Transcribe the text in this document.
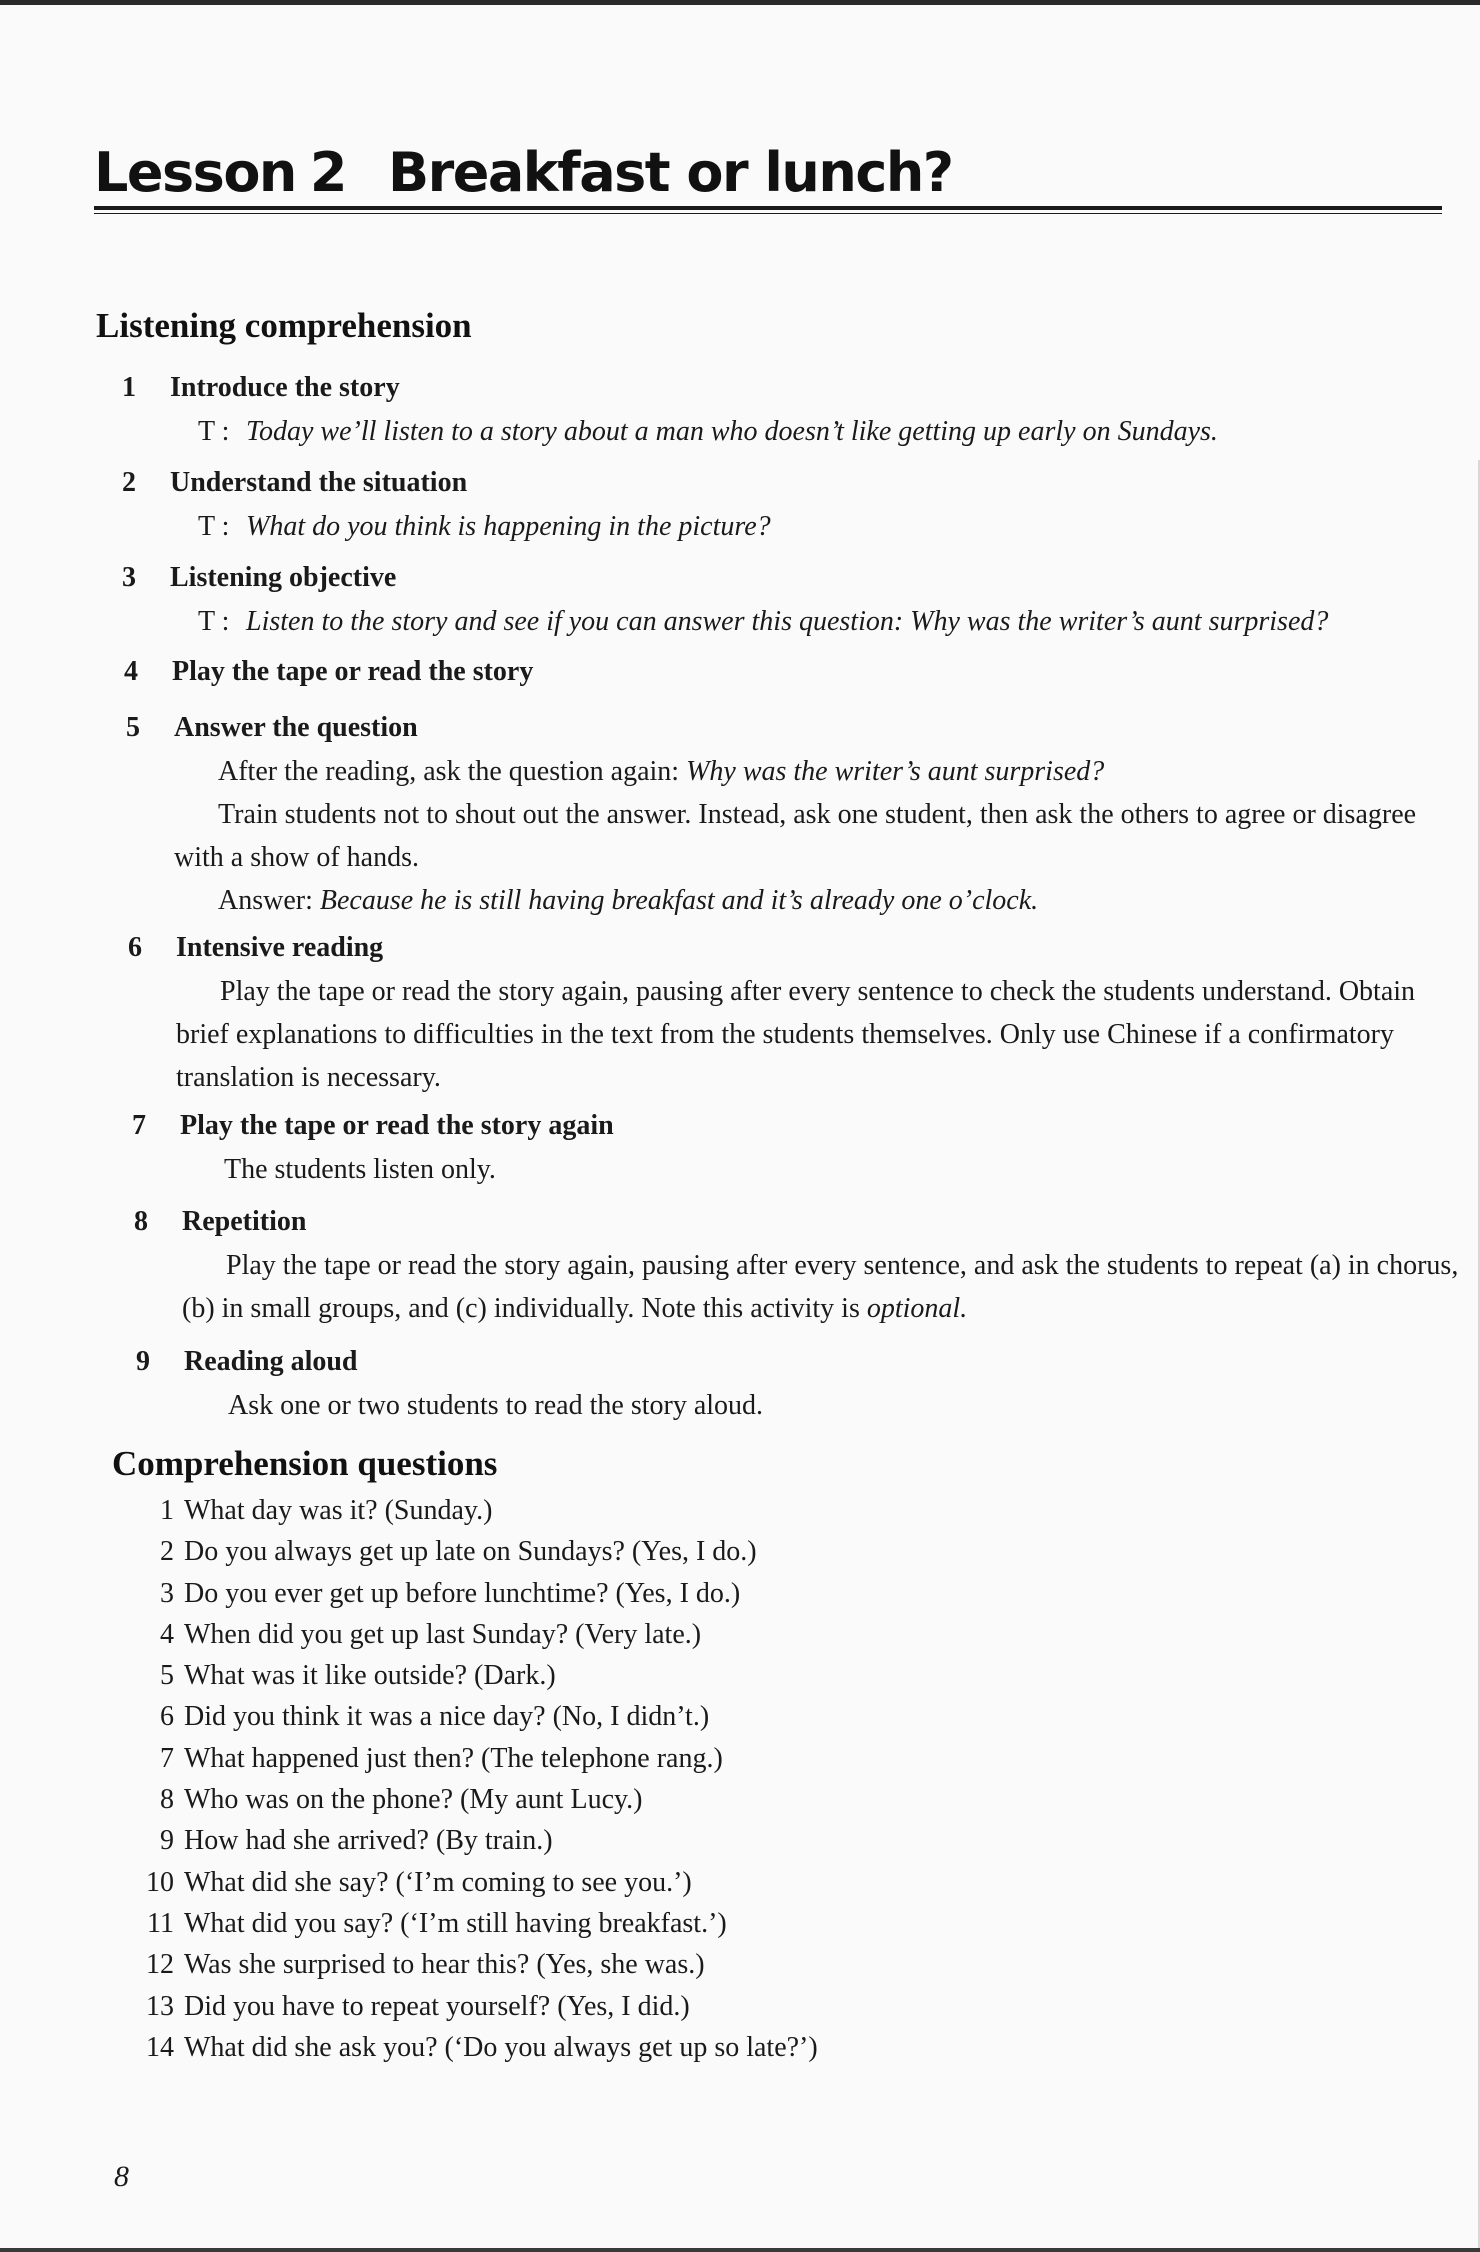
Lesson 2 Breakfast or lunch?
Listening comprehension
1 Introduce the story
T : Today we’ll listen to a story about a man who doesn’t like getting up early on Sundays.
2 Understand the situation
T : What do you think is happening in the picture?
3 Listening objective
T : Listen to the story and see if you can answer this question: Why was the writer’s aunt surprised?
4 Play the tape or read the story
5 Answer the question
After the reading, ask the question again: Why was the writer’s aunt surprised?
Train students not to shout out the answer. Instead, ask one student, then ask the others to agree or disagree with a show of hands.
Answer: Because he is still having breakfast and it’s already one o’clock.
6 Intensive reading
Play the tape or read the story again, pausing after every sentence to check the students understand. Obtain brief explanations to difficulties in the text from the students themselves. Only use Chinese if a confirmatory translation is necessary.
7 Play the tape or read the story again
The students listen only.
8 Repetition
Play the tape or read the story again, pausing after every sentence, and ask the students to repeat (a) in chorus, (b) in small groups, and (c) individually. Note this activity is optional.
9 Reading aloud
Ask one or two students to read the story aloud.
Comprehension questions
1 What day was it? (Sunday.)
2 Do you always get up late on Sundays? (Yes, I do.)
3 Do you ever get up before lunchtime? (Yes, I do.)
4 When did you get up last Sunday? (Very late.)
5 What was it like outside? (Dark.)
6 Did you think it was a nice day? (No, I didn’t.)
7 What happened just then? (The telephone rang.)
8 Who was on the phone? (My aunt Lucy.)
9 How had she arrived? (By train.)
10 What did she say? (‘I’m coming to see you.’)
11 What did you say? (‘I’m still having breakfast.’)
12 Was she surprised to hear this? (Yes, she was.)
13 Did you have to repeat yourself? (Yes, I did.)
14 What did she ask you? (‘Do you always get up so late?’)
8
